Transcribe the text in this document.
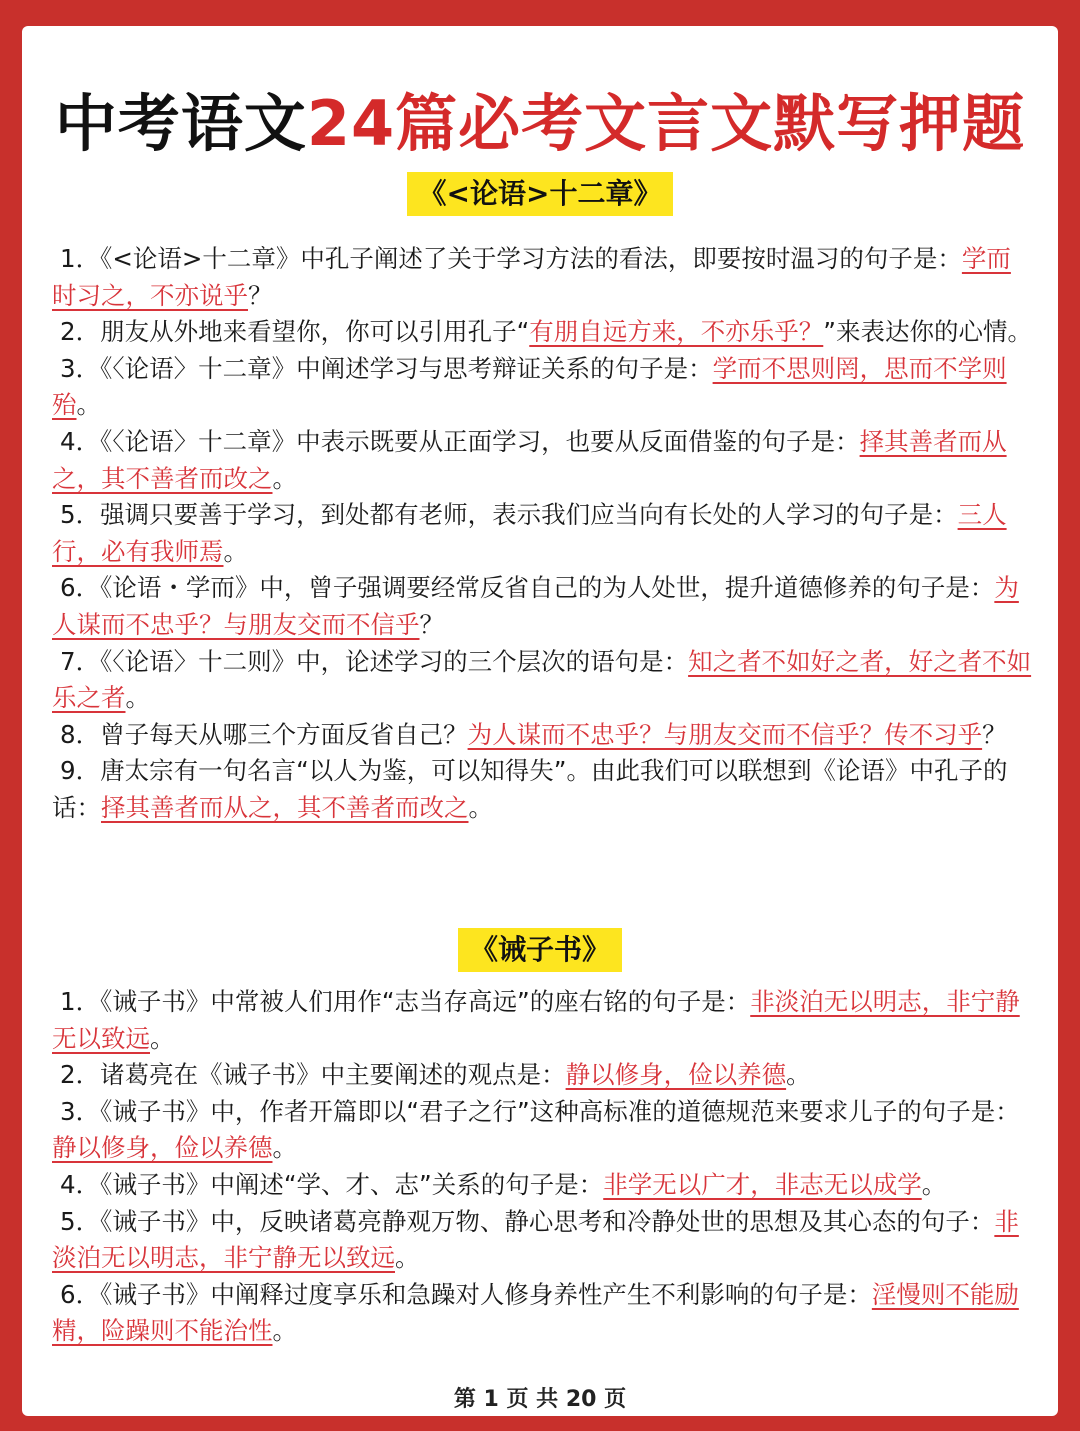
中考语文24篇必考文言文默写押题
《<论语>十二章》

1．《<论语>十二章》中孔子阐述了关于学习方法的看法，即要按时温习的句子是：学而时习之，不亦说乎？

2．朋友从外地来看望你，你可以引用孔子“有朋自远方来，不亦乐乎？”来表达你的心情。

3．《〈论语〉十二章》中阐述学习与思考辩证关系的句子是：学而不思则罔，思而不学则殆。

4．《〈论语〉十二章》中表示既要从正面学习，也要从反面借鉴的句子是：择其善者而从之，其不善者而改之。

5．强调只要善于学习，到处都有老师，表示我们应当向有长处的人学习的句子是：三人行，必有我师焉。

6．《论语・学而》中，曾子强调要经常反省自己的为人处世，提升道德修养的句子是：为人谋而不忠乎？与朋友交而不信乎？

7．《〈论语〉十二则》中，论述学习的三个层次的语句是：知之者不如好之者，好之者不如乐之者。

8．曾子每天从哪三个方面反省自己？为人谋而不忠乎？与朋友交而不信乎？传不习乎？

9．唐太宗有一句名言“以人为鉴，可以知得失”。由此我们可以联想到《论语》中孔子的话：择其善者而从之，其不善者而改之。

《诫子书》

1．《诫子书》中常被人们用作“志当存高远”的座右铭的句子是：非淡泊无以明志，非宁静无以致远。

2．诸葛亮在《诫子书》中主要阐述的观点是：静以修身，俭以养德。

3．《诫子书》中，作者开篇即以“君子之行”这种高标准的道德规范来要求儿子的句子是：静以修身，俭以养德。

4．《诫子书》中阐述“学、才、志”关系的句子是：非学无以广才，非志无以成学。

5．《诫子书》中，反映诸葛亮静观万物、静心思考和冷静处世的思想及其心态的句子：非淡泊无以明志，非宁静无以致远。

6．《诫子书》中阐释过度享乐和急躁对人修身养性产生不利影响的句子是：淫慢则不能励精，险躁则不能治性。

第 1 页 共 20 页
